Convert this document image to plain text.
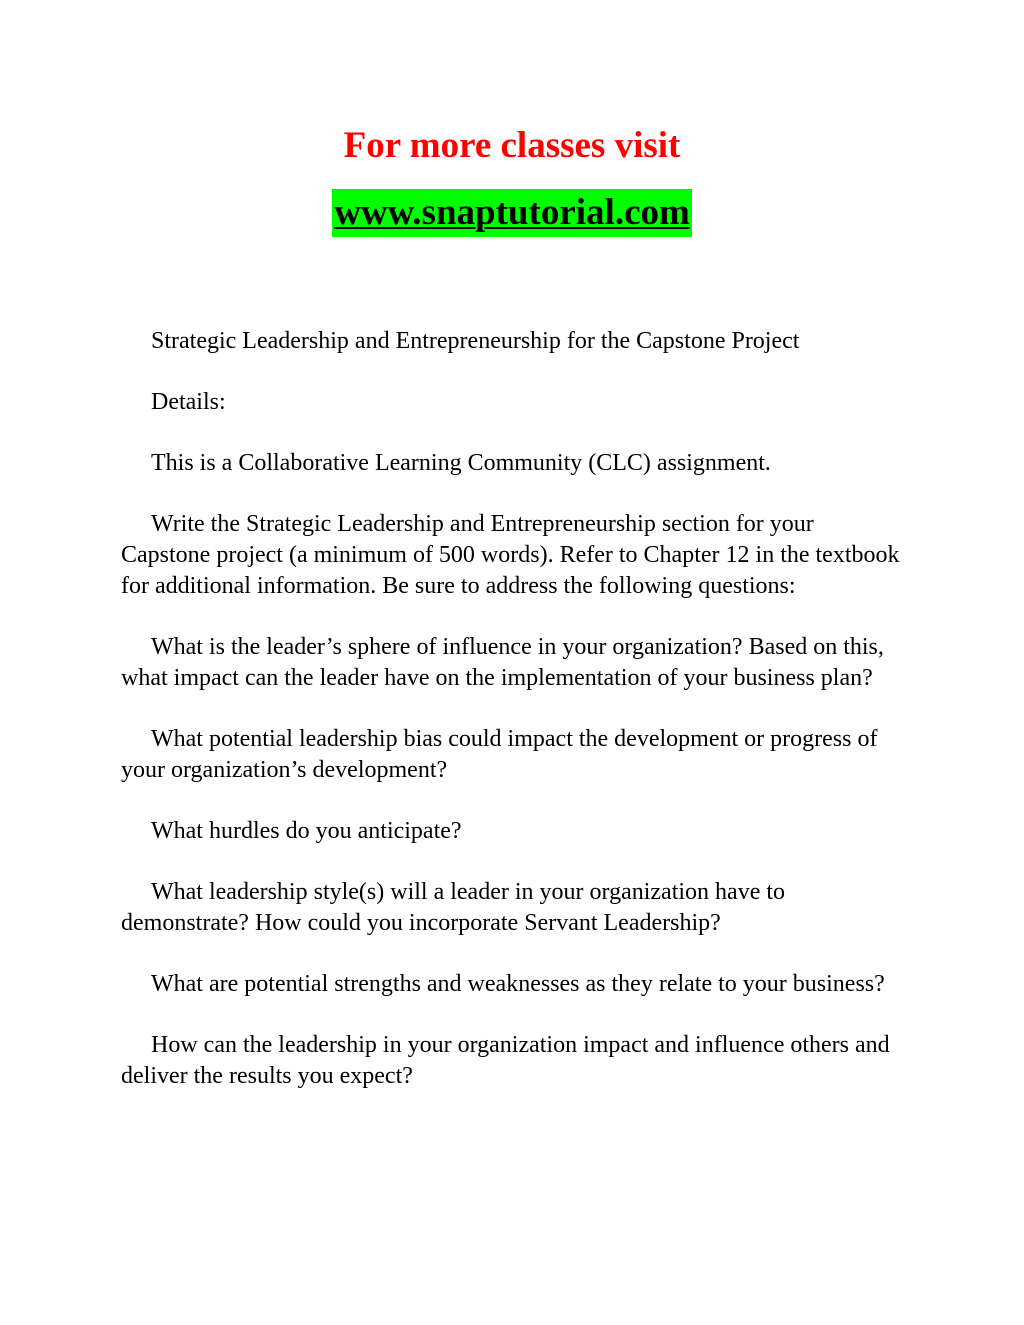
For more classes visit
www.snaptutorial.com

Strategic Leadership and Entrepreneurship for the Capstone Project

Details:

This is a Collaborative Learning Community (CLC) assignment.

Write the Strategic Leadership and Entrepreneurship section for your Capstone project (a minimum of 500 words). Refer to Chapter 12 in the textbook for additional information. Be sure to address the following questions:

What is the leader’s sphere of influence in your organization? Based on this, what impact can the leader have on the implementation of your business plan?

What potential leadership bias could impact the development or progress of your organization’s development?

What hurdles do you anticipate?

What leadership style(s) will a leader in your organization have to demonstrate? How could you incorporate Servant Leadership?

What are potential strengths and weaknesses as they relate to your business?

How can the leadership in your organization impact and influence others and deliver the results you expect?
